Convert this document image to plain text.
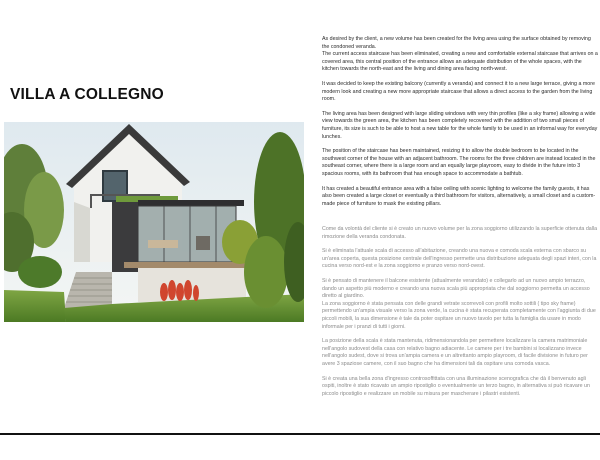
VILLA A COLLEGNO

As desired by the client, a new volume has been created for the living area using the surface obtained by removing the condoned veranda.
The current access staircase has been eliminated, creating a new and comfortable external staircase that arrives on a covered area, this central position of the entrance allows an adequate distribution of the whole spaces, with the kitchen towards the north-east and the living and dining area facing north-west.

It was decided to keep the existing balcony (currently a veranda) and connect it to a new large terrace, giving a more modern look and creating a new more appropriate staircase that allows a direct access to the garden from the living room.

The living area has been designed with large sliding windows with very thin profiles (like a sky frame) allowing a wide view towards the green area, the kitchen has been completely recovered with the addition of two small pieces of furniture, its size is such to be able to host a new table for the whole family to be used in an informal way for everyday lunches.

The position of the staircase has been maintained, resizing it to allow the double bedroom to be located in the southwest corner of the house with an adjacent bathroom. The rooms for the three children are instead located in the southeast corner, where there is a large room and an equally large playroom, easy to divide in the future into 3 spacious rooms, with its bathroom that has enough space to accommodate a bathtub.

It has created a beautiful entrance area with a false ceiling with scenic lighting to welcome the family guests, it has also been created a large closet or eventually a third bathroom for visitors, alternatively, a small closet and a custom-made piece of furniture to mask the existing pillars.

Come da volontà del cliente si è creato un nuovo volume per la zona soggiorno utilizzando la superficie ottenuta dalla rimozione della veranda condonata.

Si è eliminata l'attuale scala di accesso all'abitazione, creando una nuova e comoda scala esterna con sbarco su un'area coperta, questa posizione centrale dell'ingresso permette una distribuzione adeguata degli spazi interi, con la cucina verso nord-est e la zona soggiorno e pranzo verso nord-ovest.

Si è pensato di mantenere il balcone esistente (attualmente verandato) e collegarlo ad un nuovo ampio terrazzo, dando un aspetto più moderno e creando una nuova scala più appropriata che dal soggiorno permetta un accesso diretto al giardino.
La zona soggiorno è stata pensata con delle grandi vetrate scorrevoli con profili molto sottili ( tipo sky frame) permettendo un'ampia visuale verso la zona verde, la cucina è stata recuperata completamente con l'aggiunta di due piccoli mobili, la sua dimensione è tale da poter ospitare un nuovo tavolo per tutta la famiglia da usare in modo informale per i pranzi di tutti i giorni.

La posizione della scala è stata mantenuta, ridimensionandola per permettere localizzare la camera matrimoniale nell'angolo sudovest della casa con relativo bagno adiacente. Le camere per i tre bambini si localizzano invece nell'angolo sudest, dove si trova un'ampia camera e un altrettanto ampio playroom, di facile divisione in futuro per avere 3 spaziose camere, con il suo bagno che ha dimensioni tali da ospitare una comoda vasca.

Si è creata una bella zona d'ingresso controsoffittata con una illuminazione scenografica che dà il benvenuto agli ospiti, inoltre è stato ricavato un ampio ripostiglio o eventualmente un terzo bagno, in alternativa si può ricavare un piccolo ripostiglio e realizzare un mobile su misura per mascherare i pilastri esistenti.
